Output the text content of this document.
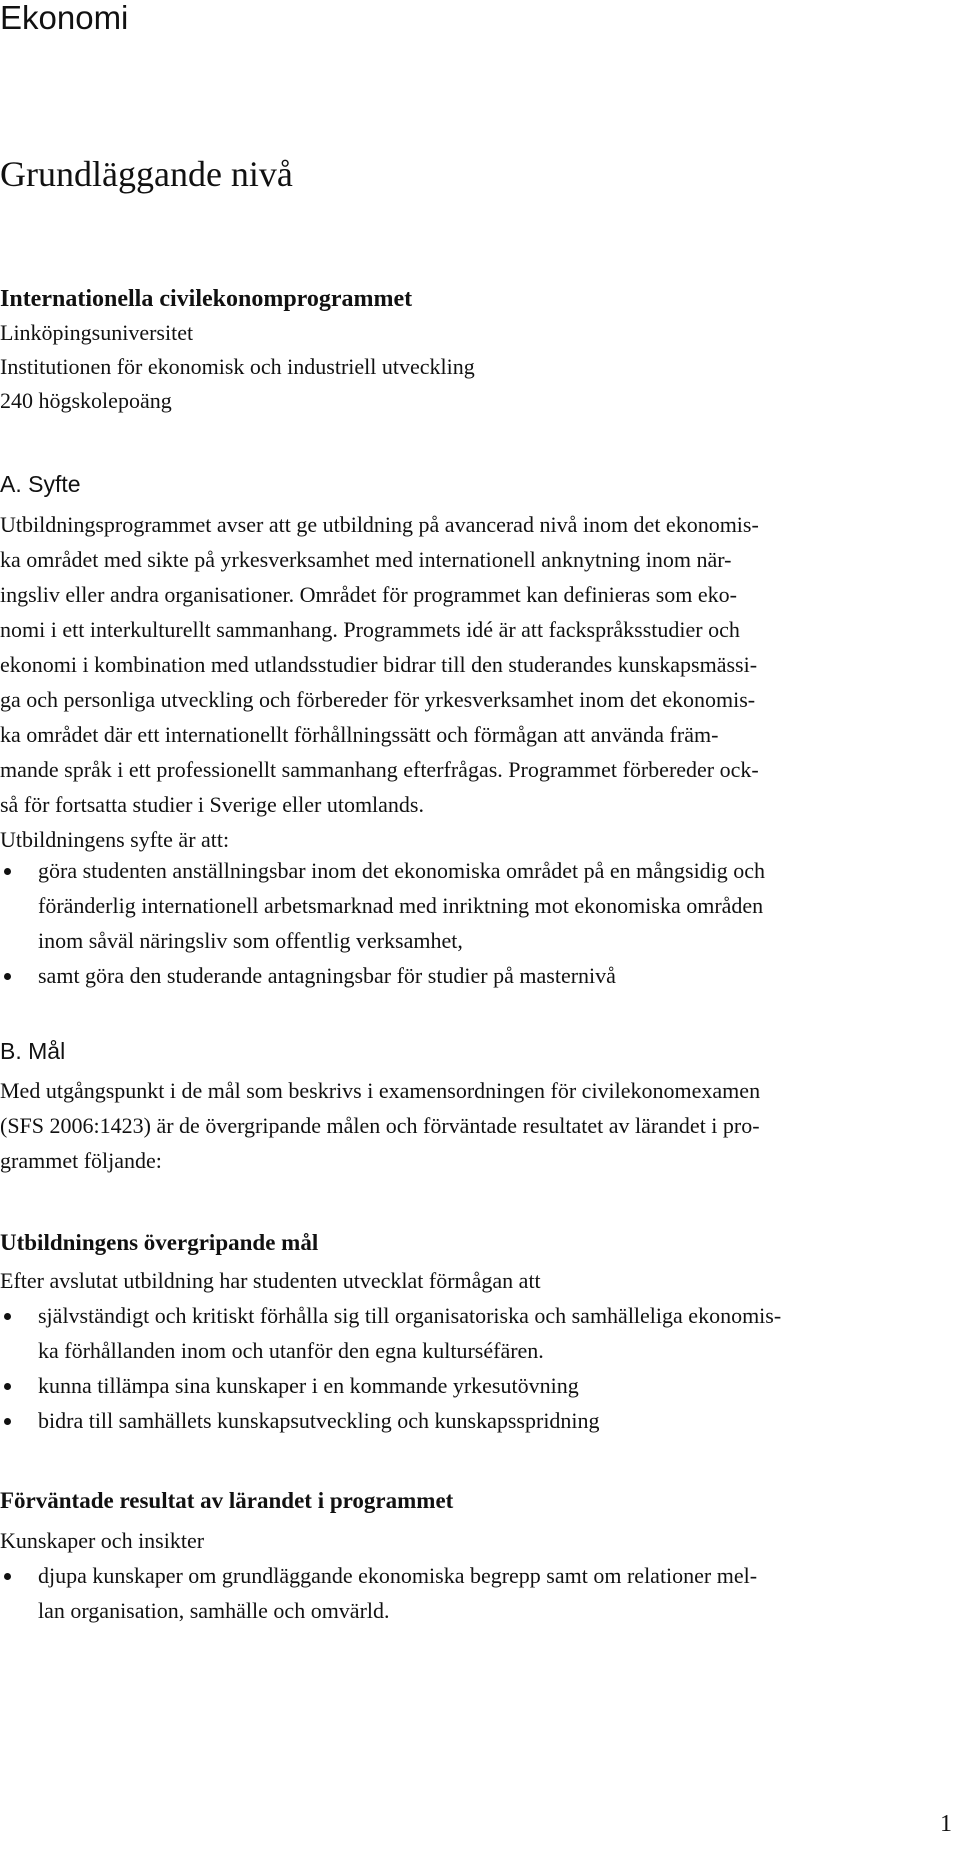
Ekonomi
Grundläggande nivå
Internationella civilekonomprogrammet
Linköpingsuniversitet
Institutionen för ekonomisk och industriell utveckling
240 högskolepoäng
A. Syfte
Utbildningsprogrammet avser att ge utbildning på avancerad nivå inom det ekonomis-
ka området med sikte på yrkesverksamhet med internationell anknytning inom när-
ingsliv eller andra organisationer. Området för programmet kan definieras som eko-
nomi i ett interkulturellt sammanhang. Programmets idé är att fackspråksstudier och
ekonomi i kombination med utlandsstudier bidrar till den studerandes kunskapsmässi-
ga och personliga utveckling och förbereder för yrkesverksamhet inom det ekonomis-
ka området där ett internationellt förhållningssätt och förmågan att använda främ-
mande språk i ett professionellt sammanhang efterfrågas. Programmet förbereder ock-
så för fortsatta studier i Sverige eller utomlands.
Utbildningens syfte är att:
göra studenten anställningsbar inom det ekonomiska området på en mångsidig och
föränderlig internationell arbetsmarknad med inriktning mot ekonomiska områden
inom såväl näringsliv som offentlig verksamhet,
samt göra den studerande antagningsbar för studier på masternivå
B. Mål
Med utgångspunkt i de mål som beskrivs i examensordningen för civilekonomexamen
(SFS 2006:1423) är de övergripande målen och förväntade resultatet av lärandet i pro-
grammet följande:
Utbildningens övergripande mål
Efter avslutat utbildning har studenten utvecklat förmågan att
självständigt och kritiskt förhålla sig till organisatoriska och samhälleliga ekonomis-
ka förhållanden inom och utanför den egna kulturséfären.
kunna tillämpa sina kunskaper i en kommande yrkesutövning
bidra till samhällets kunskapsutveckling och kunskapsspridning
Förväntade resultat av lärandet i programmet
Kunskaper och insikter
djupa kunskaper om grundläggande ekonomiska begrepp samt om relationer mel-
lan organisation, samhälle och omvärld.
1
